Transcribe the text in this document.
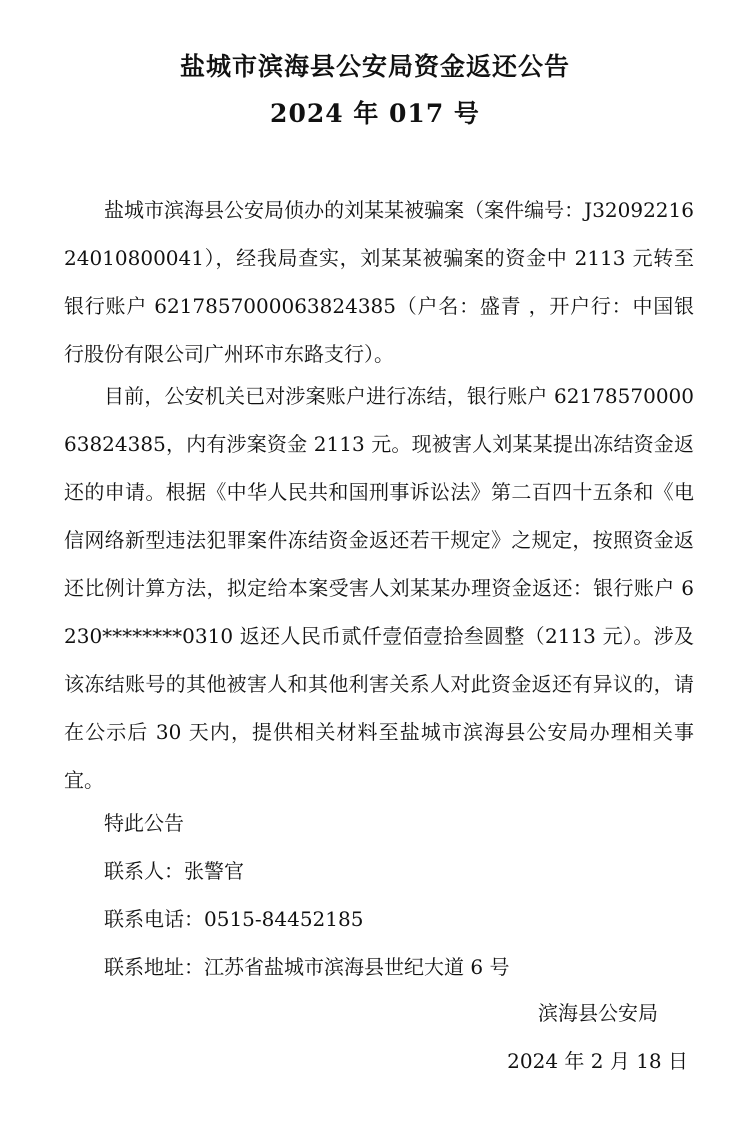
盐城市滨海县公安局资金返还公告
2024 年 017 号

盐城市滨海县公安局侦办的刘某某被骗案（案件编号：J3209221624010800041），经我局查实，刘某某被骗案的资金中 2113 元转至银行账户 6217857000063824385（户名：盛青 ，开户行：中国银行股份有限公司广州环市东路支行）。

目前，公安机关已对涉案账户进行冻结，银行账户 6217857000063824385，内有涉案资金 2113 元。现被害人刘某某提出冻结资金返还的申请。根据《中华人民共和国刑事诉讼法》第二百四十五条和《电信网络新型违法犯罪案件冻结资金返还若干规定》之规定，按照资金返还比例计算方法，拟定给本案受害人刘某某办理资金返还：银行账户 6230********0310 返还人民币贰仟壹佰壹拾叁圆整（2113 元）。涉及该冻结账号的其他被害人和其他利害关系人对此资金返还有异议的，请在公示后 30 天内，提供相关材料至盐城市滨海县公安局办理相关事宜。

特此公告

联系人：张警官

联系电话：0515-84452185

联系地址：江苏省盐城市滨海县世纪大道 6 号

滨海县公安局

2024 年 2 月 18 日
